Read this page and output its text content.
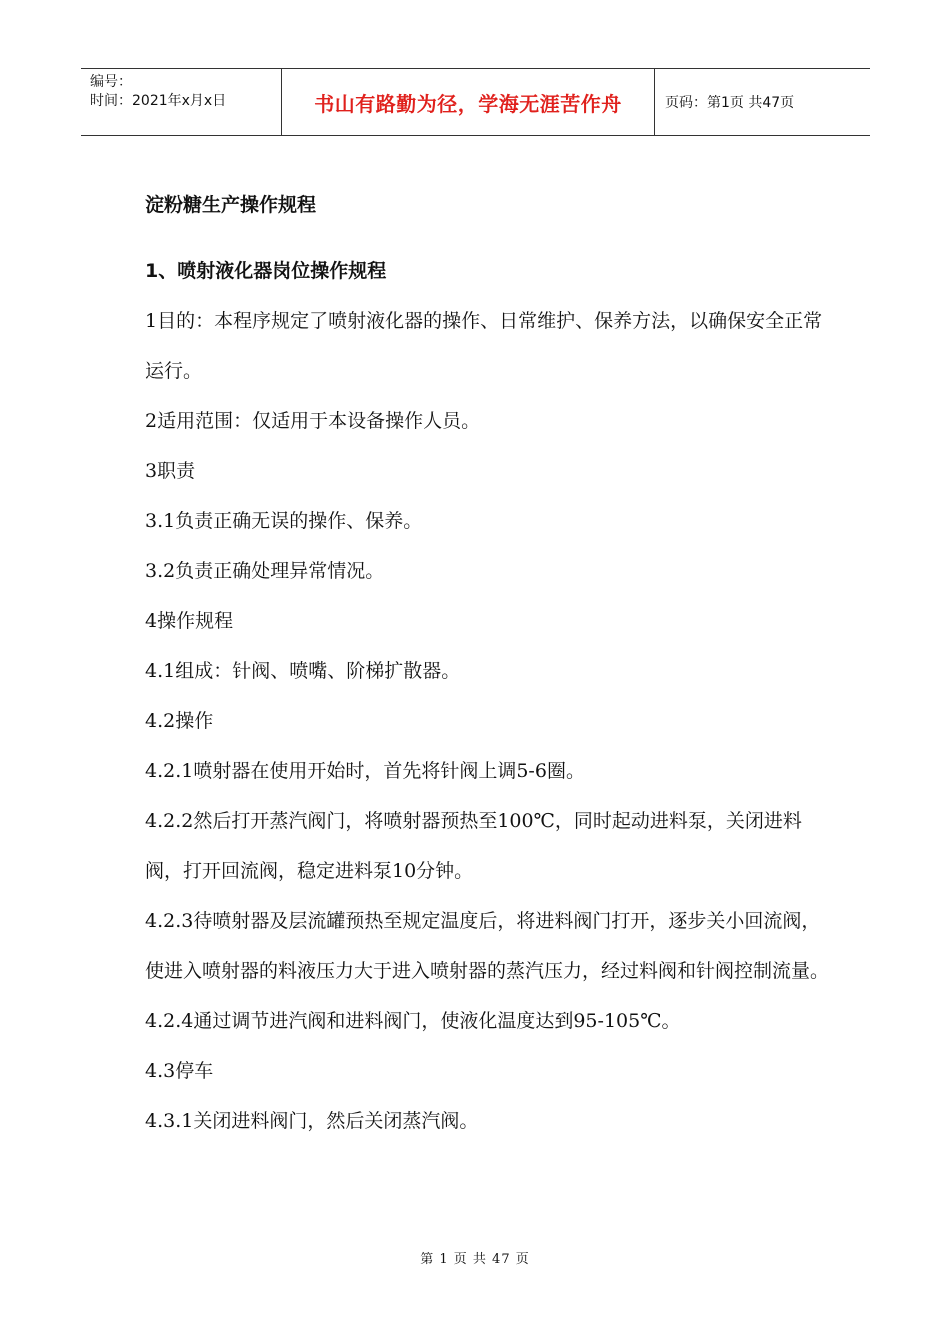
编号：
时间：2021年x月x日	书山有路勤为径，学海无涯苦作舟	页码：第1页 共47页
淀粉糖生产操作规程
1、喷射液化器岗位操作规程

1目的：本程序规定了喷射液化器的操作、日常维护、保养方法，以确保安全正常运行。

2适用范围：仅适用于本设备操作人员。

3职责

3.1负责正确无误的操作、保养。

3.2负责正确处理异常情况。

4操作规程

4.1组成：针阀、喷嘴、阶梯扩散器。

4.2操作

4.2.1喷射器在使用开始时，首先将针阀上调5-6圈。

4.2.2然后打开蒸汽阀门，将喷射器预热至100℃，同时起动进料泵，关闭进料阀，打开回流阀，稳定进料泵10分钟。

4.2.3待喷射器及层流罐预热至规定温度后，将进料阀门打开，逐步关小回流阀，使进入喷射器的料液压力大于进入喷射器的蒸汽压力，经过料阀和针阀控制流量。

4.2.4通过调节进汽阀和进料阀门，使液化温度达到95-105℃。

4.3停车

4.3.1关闭进料阀门，然后关闭蒸汽阀。

第 1 页 共 47 页
